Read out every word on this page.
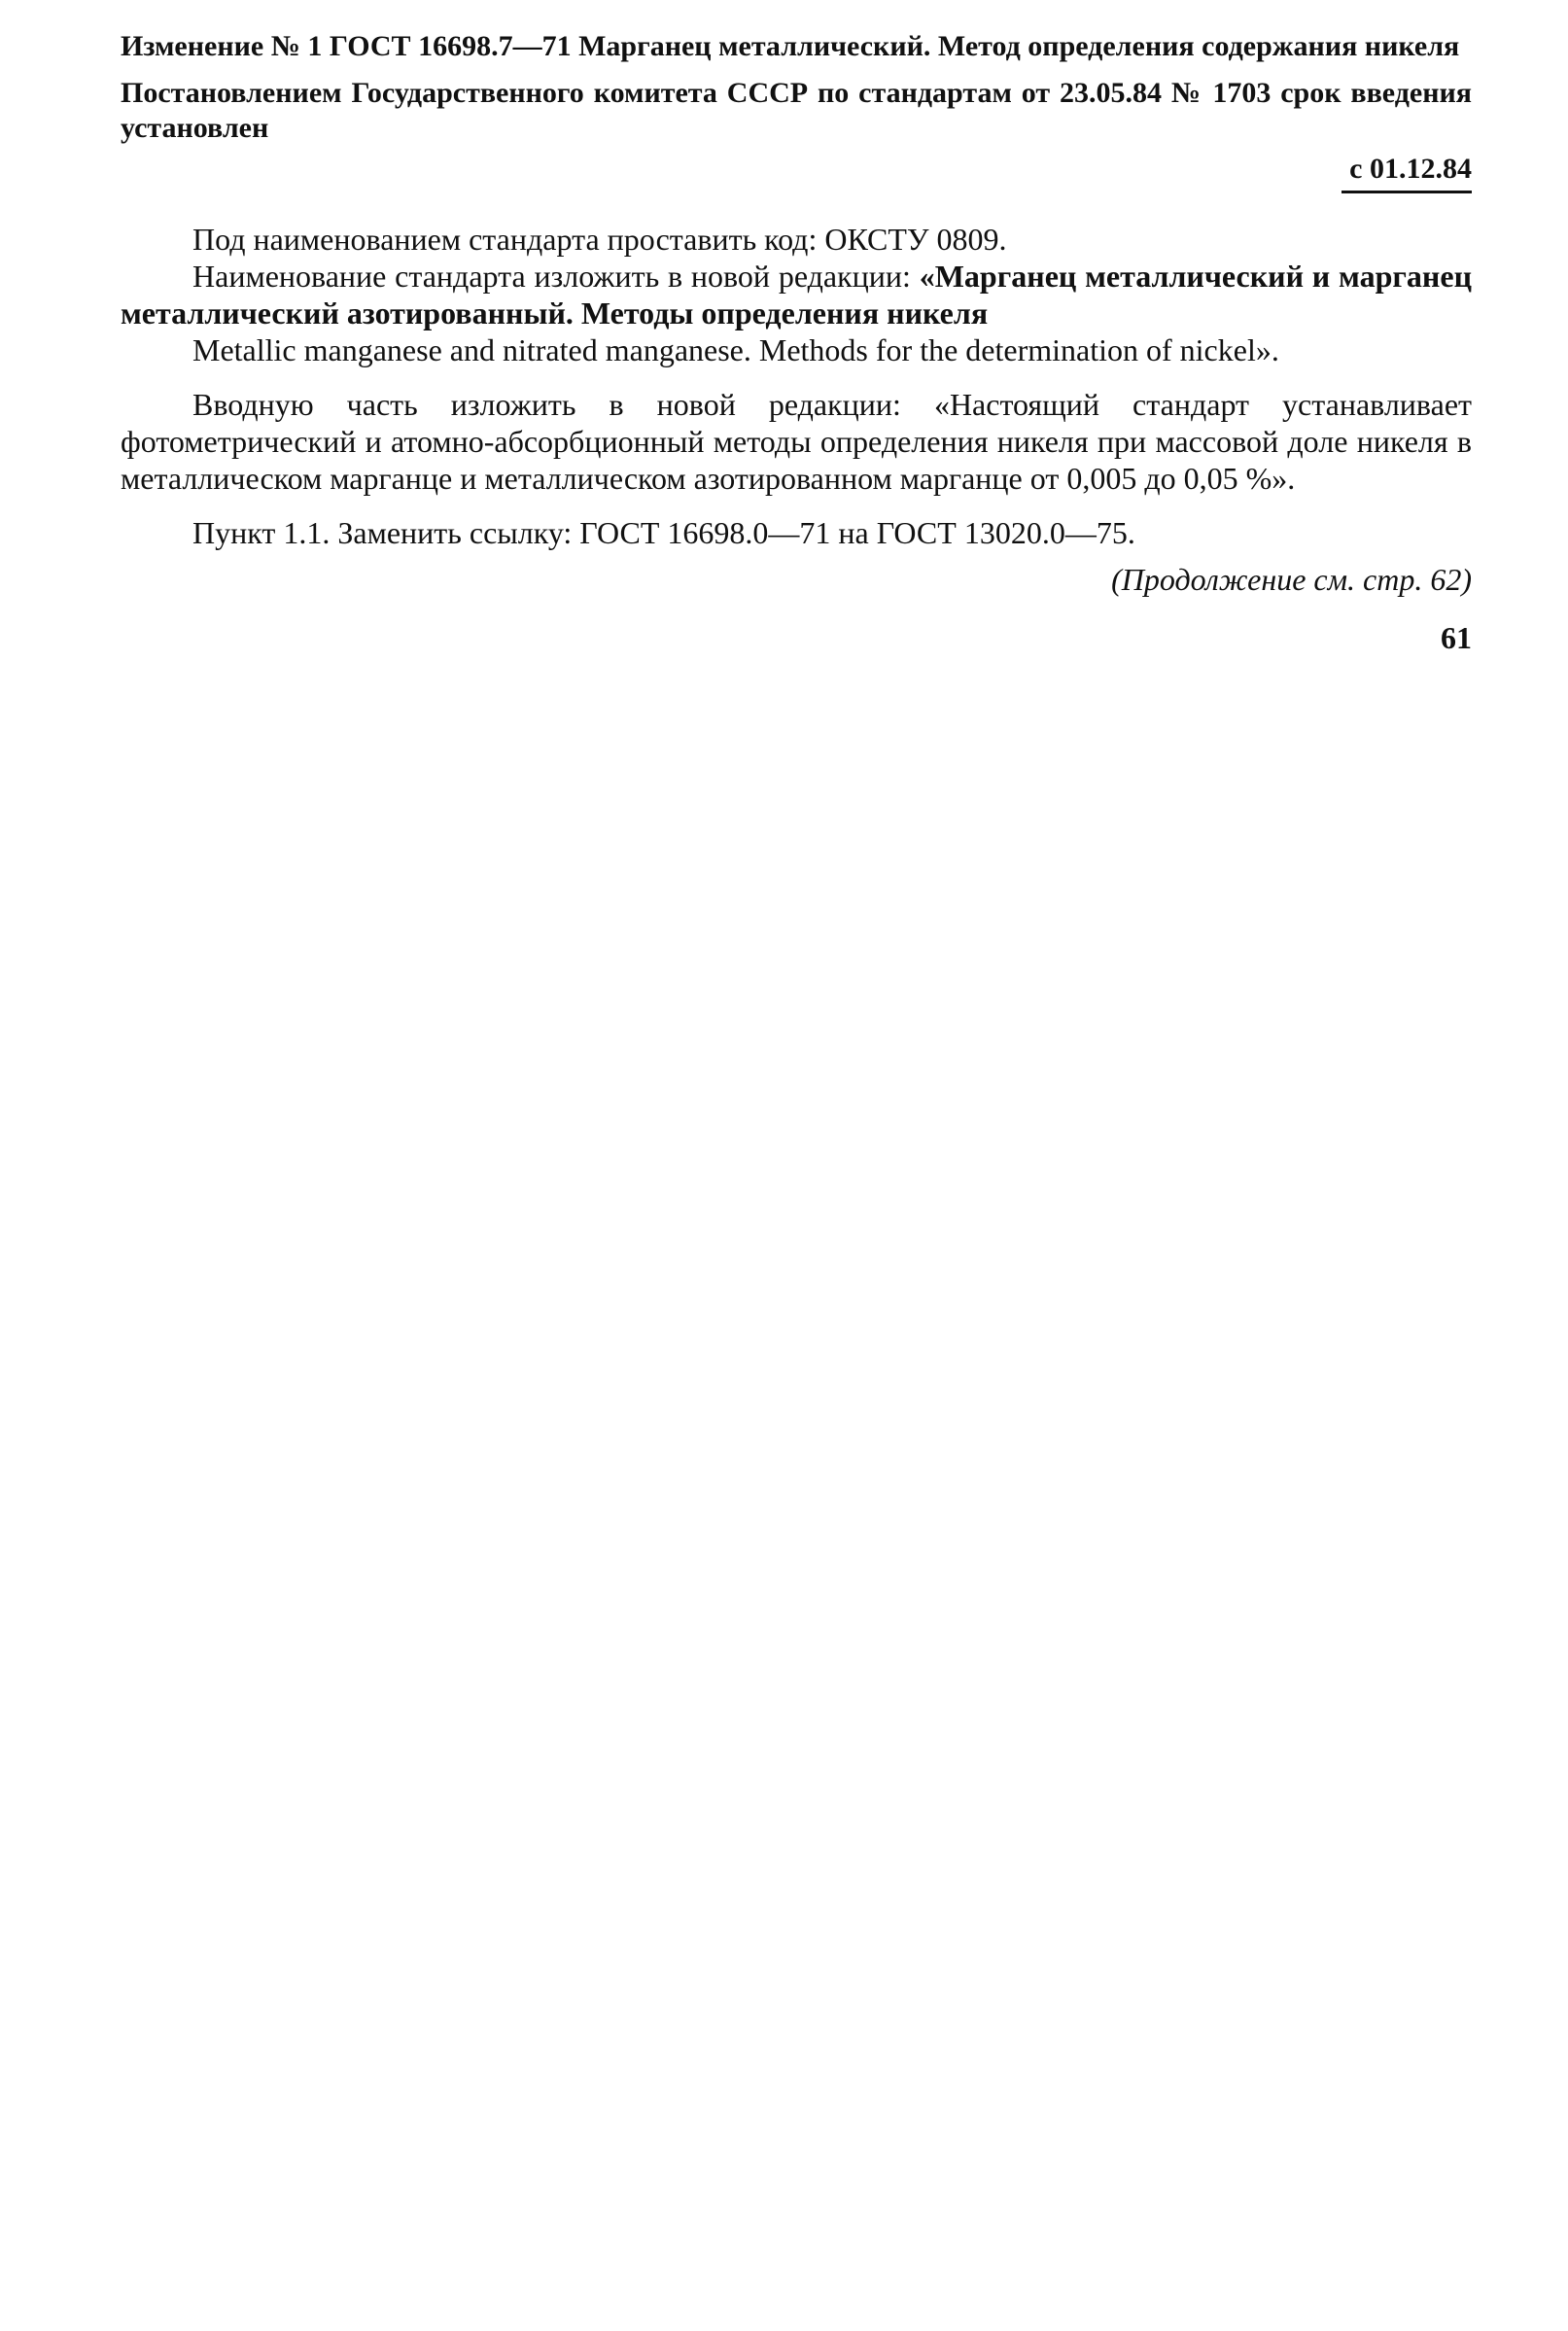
Изменение № 1 ГОСТ 16698.7—71 Марганец металлический. Метод определения содержания никеля

Постановлением Государственного комитета СССР по стандартам от 23.05.84 № 1703 срок введения установлен

с 01.12.84

Под наименованием стандарта проставить код: ОКСТУ 0809.

Наименование стандарта изложить в новой редакции: «Марганец металлический и марганец металлический азотированный. Методы определения никеля

Metallic manganese and nitrated manganese. Methods for the determination of nickel».

Вводную часть изложить в новой редакции: «Настоящий стандарт устанавливает фотометрический и атомно-абсорбционный методы определения никеля при массовой доле никеля в металлическом марганце и металлическом азотированном марганце от 0,005 до 0,05 %».

Пункт 1.1. Заменить ссылку: ГОСТ 16698.0—71 на ГОСТ 13020.0—75.

(Продолжение см. стр. 62)
61
